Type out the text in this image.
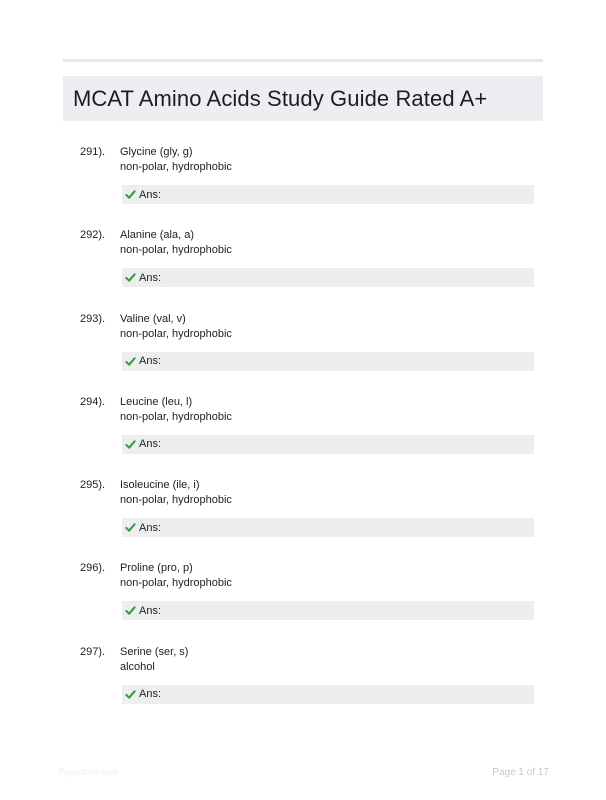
MCAT Amino Acids Study Guide Rated A+
291). Glycine (gly, g)
non-polar, hydrophobic
Ans:
292). Alanine (ala, a)
non-polar, hydrophobic
Ans:
293). Valine (val, v)
non-polar, hydrophobic
Ans:
294). Leucine (leu, l)
non-polar, hydrophobic
Ans:
295). Isoleucine (ile, i)
non-polar, hydrophobic
Ans:
296). Proline (pro, p)
non-polar, hydrophobic
Ans:
297). Serine (ser, s)
alcohol
Ans:
Paperfolio.com	Page 1 of 17
